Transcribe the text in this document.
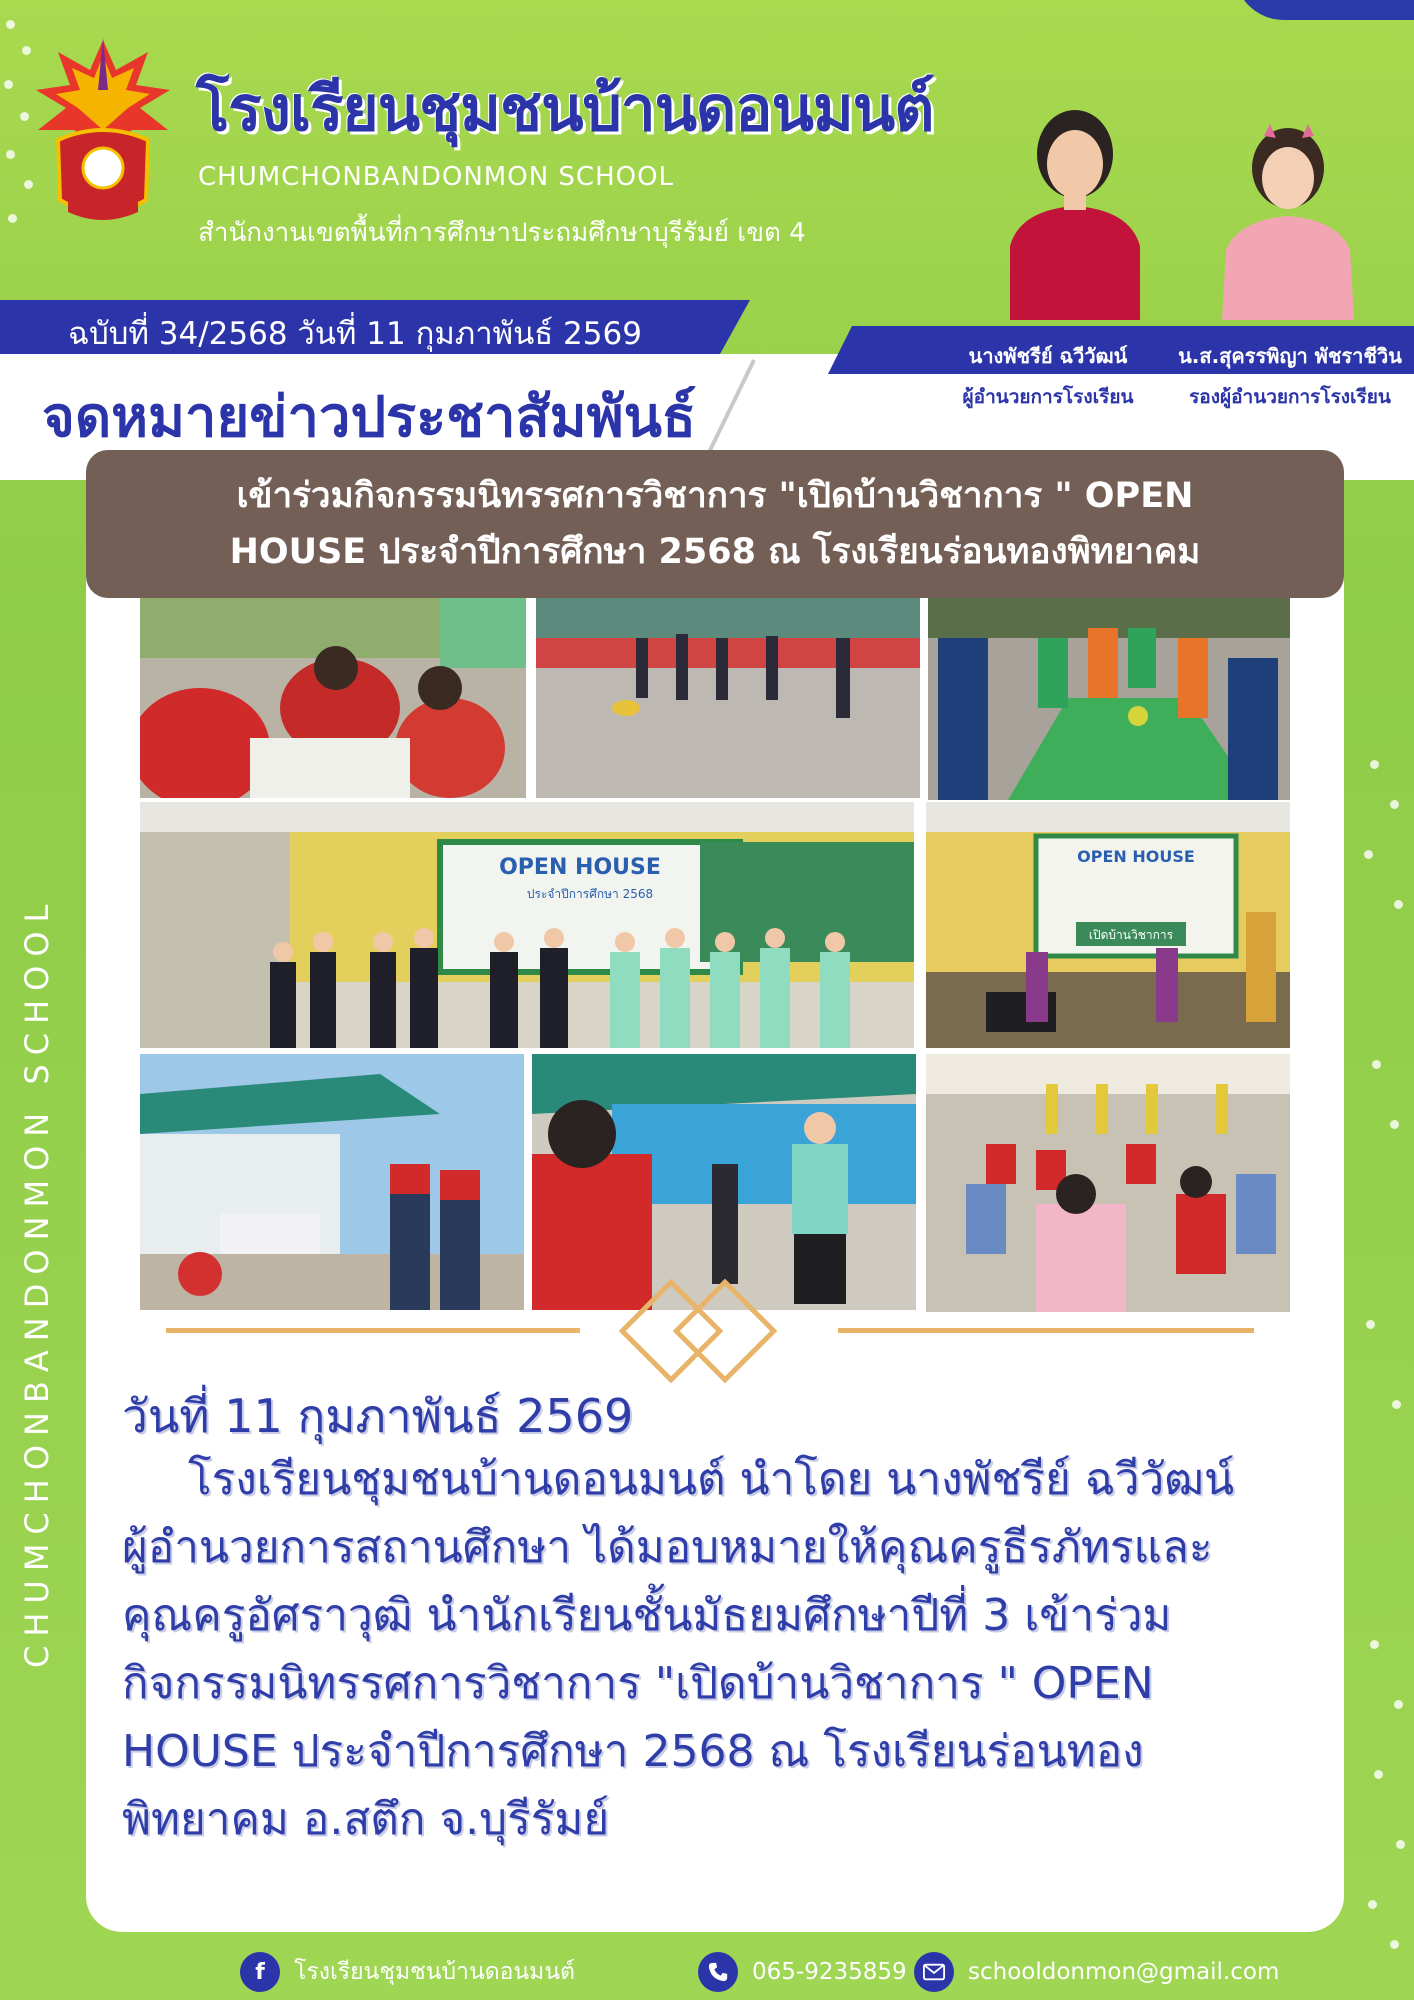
โรงเรียนชุมชนบ้านดอนมนต์
CHUMCHONBANDONMON SCHOOL
สำนักงานเขตพื้นที่การศึกษาประถมศึกษาบุรีรัมย์ เขต 4
ฉบับที่ 34/2568 วันที่ 11 กุมภาพันธ์ 2569
จดหมายข่าวประชาสัมพันธ์
นางพัชรีย์ ฉวีวัฒน์
ผู้อำนวยการโรงเรียน
น.ส.สุครรพิญา พัชราชีวิน
รองผู้อำนวยการโรงเรียน
เข้าร่วมกิจกรรมนิทรรศการวิชาการ "เปิดบ้านวิชาการ " OPEN
HOUSE ประจำปีการศึกษา 2568 ณ โรงเรียนร่อนทองพิทยาคม
OPEN HOUSE
ประจำปีการศึกษา 2568
OPEN HOUSE
เปิดบ้านวิชาการ
วันที่ 11 กุมภาพันธ์ 2569
โรงเรียนชุมชนบ้านดอนมนต์ นำโดย นางพัชรีย์ ฉวีวัฒน์
ผู้อำนวยการสถานศึกษา ได้มอบหมายให้คุณครูธีรภัทรและ
คุณครูอัศราวุฒิ นำนักเรียนชั้นมัธยมศึกษาปีที่ 3 เข้าร่วม
กิจกรรมนิทรรศการวิชาการ "เปิดบ้านวิชาการ " OPEN
HOUSE ประจำปีการศึกษา 2568 ณ โรงเรียนร่อนทอง
พิทยาคม อ.สตึก จ.บุรีรัมย์
CHUMCHONBANDONMON SCHOOL
f	โรงเรียนชุมชนบ้านดอนมนต์	065-9235859	schooldonmon@gmail.com
